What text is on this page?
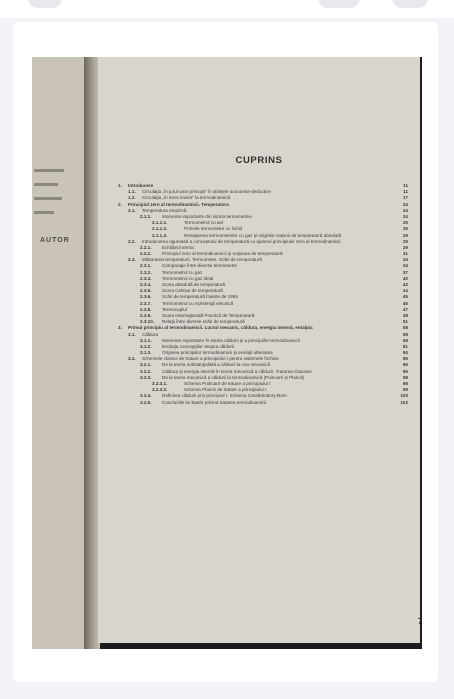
AUTOR
CUPRINS
1. Introducere	11
1.1. Circulaţia „în jurul unor principii” în ştiinţele aconomie-deductive	11
1.2. Circulaţia „în sens invers” la termodinamică	17
2. Principiul zero al termodinamicii. Temperatura	24
2.1. Temperatura empirică	24
2.1.1. Momente importante din istoria termometriei	24
2.1.1.1.	Termometrul cu aer	25
2.1.1.2.	Primele termometre cu lichid	26
2.1.1.3.	Renaşterea termometrelor cu gaz şi originile noţiunii de temperatură absolută	29
2.2. Introducerea riguroasă a conceptului de temperatură cu ajutorul principiului zero al termodinamicii	29
2.2.1. Echilibrul termic	29
2.2.2. Principiul zero al termodinamicii şi noţiunea de temperatură	31
2.3. Măsurarea temperaturii. Termometre. Scări de temperatură	34
2.3.1. Comparaţie între diverse termometre	34
2.3.2. Termometrul cu gaz	37
2.3.3. Termometrul cu gaz ideal	40
2.3.4. Scara absolută de temperatură	42
2.3.5. Scara Celsius de temperatură	44
2.3.6. Scări de temperatură înainte de 1954	45
2.3.7. Termometrul cu rezistenţă electrică	46
2.3.8. Termocuplul	47
2.3.9. Scara Internaţională Practică de Temperatură	48
2.3.10. Relaţii între diverse scări de temperatură	51
3. Primul principiu al termodinamicii. Lucrul mecanic, căldura, energia internă, entalpia	58
3.1. Căldura	58
3.1.1. Momente importante în istoria căldurii şi a principiilor termodinamicii	58
3.1.2. Evoluţia concepţiilor asupra căldurii	81
3.1.3. Originea principiilor termodinamicii şi evoluţii ulterioare	84
3.2. Schemele clasice de tratare a principiului I pentru sistemele închise	95
3.2.1. De la teoria substanţialistă a căldurii la cea mecanică	95
3.2.2. Căldura şi energia internă în teoria mecanică a căldurii. Tratarea Clausius	96
3.2.3. De la teoria mecanică a căldurii la termodinamică (Poincaré şi Planck)	98
3.2.3.1.	Schema Poincaré de tratare a principiului I	98
3.2.3.2.	Schema Planck de tratare a principiului I	99
3.2.4. Definirea căldurii prin principiul I. Schema Carathéodory-Born	100
3.2.5. Concluziile lui Baehr privind tratarea termodinamicii	102
7
